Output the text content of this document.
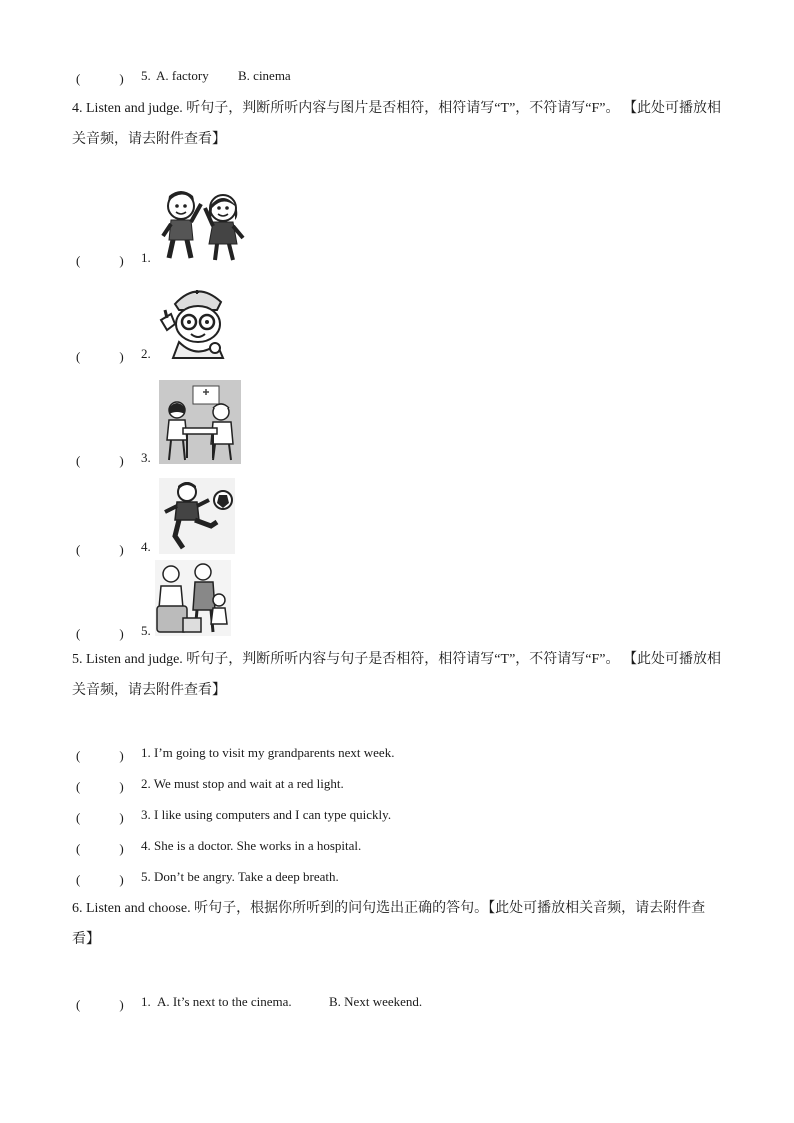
(　　　) 5. A. factory B. cinema
4. Listen and judge. 听句子，判断所听内容与图片是否相符，相符请写“T”，不符请写“F”。 【此处可播放相关音频，请去附件查看】
(　　　) 1.
(　　　) 2.
(　　　) 3.
(　　　) 4.
(　　　) 5.
5. Listen and judge. 听句子，判断所听内容与句子是否相符，相符请写“T”，不符请写“F”。 【此处可播放相关音频，请去附件查看】
(　　　) 1. I’m going to visit my grandparents next week.
(　　　) 2. We must stop and wait at a red light.
(　　　) 3. I like using computers and I can type quickly.
(　　　) 4. She is a doctor. She works in a hospital.
(　　　) 5. Don’t be angry. Take a deep breath.
6. Listen and choose. 听句子，根据你所听到的问句选出正确的答句。【此处可播放相关音频，请去附件查看】
(　　　) 1. A. It’s next to the cinema.	B. Next weekend.
